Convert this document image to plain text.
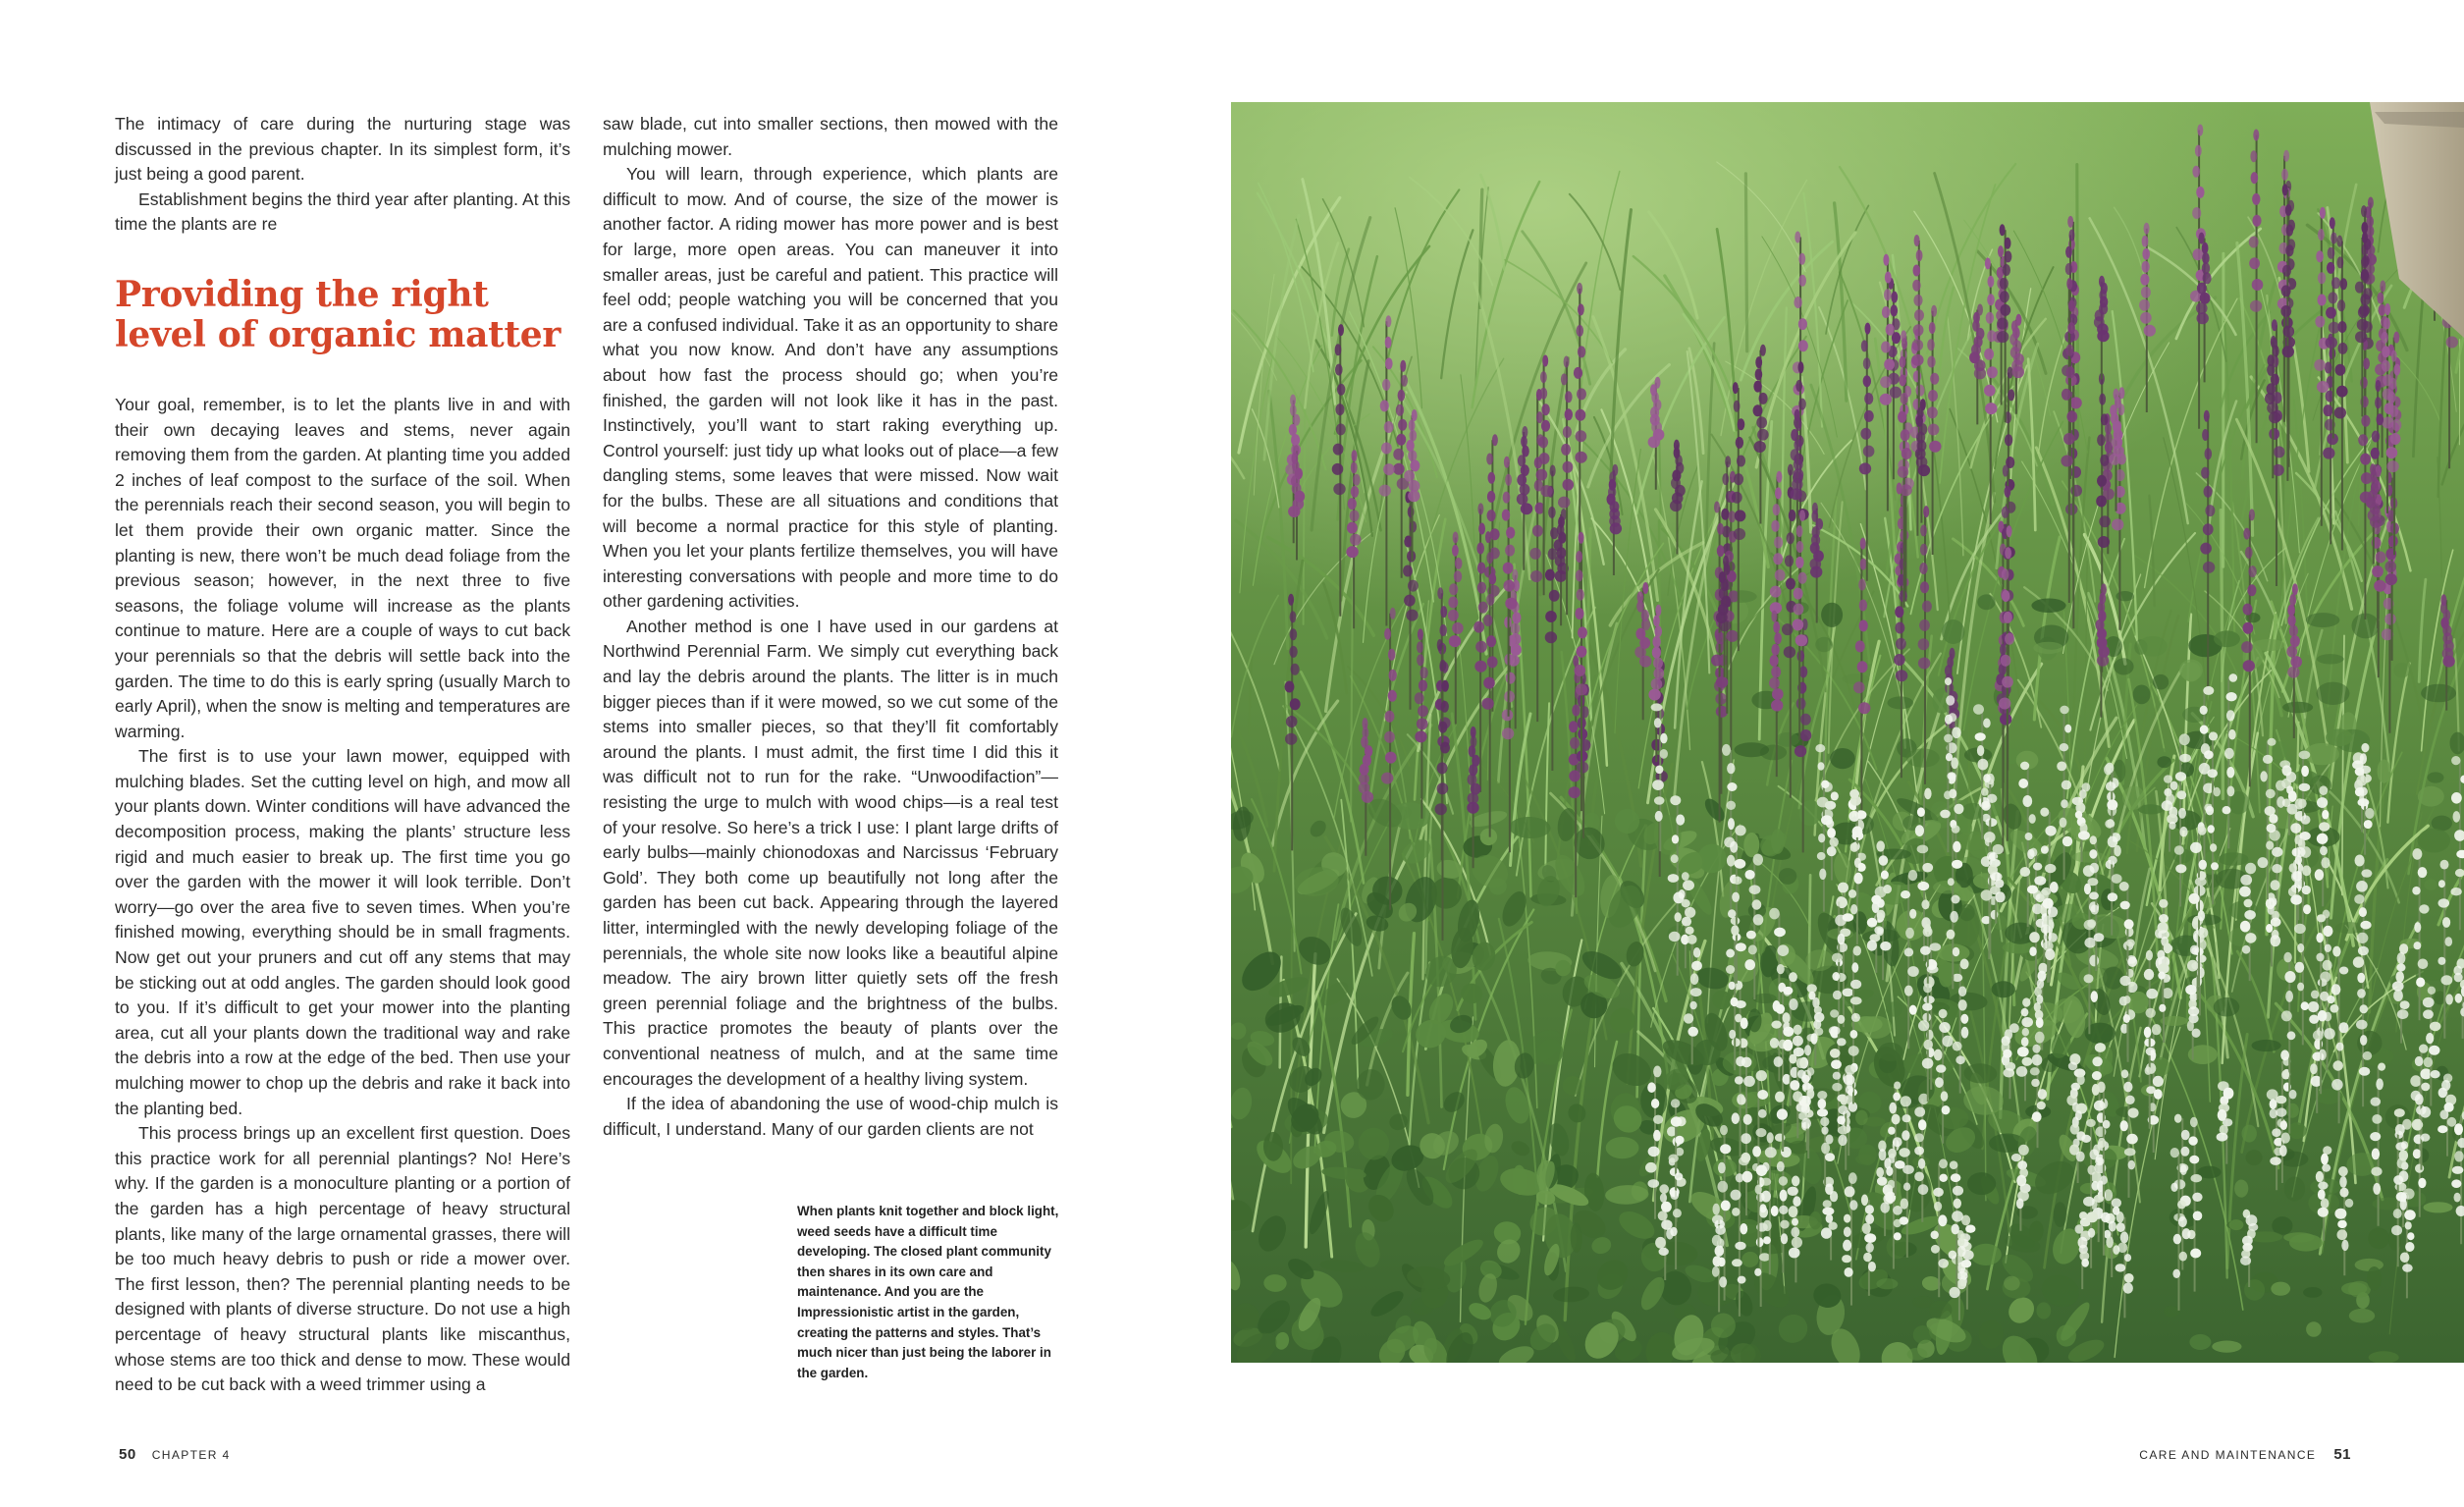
The intimacy of care during the nurturing stage was discussed in the previous chapter. In its simplest form, it’s just being a good parent.

Establishment begins the third year after planting. At this time the plants are re

Providing the right
level of organic matter

Your goal, remember, is to let the plants live in and with their own decaying leaves and stems, never again removing them from the garden. At planting time you added 2 inches of leaf compost to the surface of the soil. When the perennials reach their second season, you will begin to let them provide their own organic matter. Since the planting is new, there won’t be much dead foliage from the previous season; however, in the next three to five seasons, the foliage volume will increase as the plants continue to mature. Here are a couple of ways to cut back your perennials so that the debris will settle back into the garden. The time to do this is early spring (usually March to early April), when the snow is melting and temperatures are warming.

The first is to use your lawn mower, equipped with mulching blades. Set the cutting level on high, and mow all your plants down. Winter conditions will have advanced the decomposition process, making the plants’ structure less rigid and much easier to break up. The first time you go over the garden with the mower it will look terrible. Don’t worry—go over the area five to seven times. When you’re finished mowing, everything should be in small fragments. Now get out your pruners and cut off any stems that may be sticking out at odd angles. The garden should look good to you. If it’s difficult to get your mower into the planting area, cut all your plants down the traditional way and rake the debris into a row at the edge of the bed. Then use your mulching mower to chop up the debris and rake it back into the planting bed.

This process brings up an excellent first question. Does this practice work for all perennial plantings? No! Here’s why. If the garden is a monoculture planting or a portion of the garden has a high percentage of heavy structural plants, like many of the large ornamental grasses, there will be too much heavy debris to push or ride a mower over. The first lesson, then? The perennial planting needs to be designed with plants of diverse structure. Do not use a high percentage of heavy structural plants like miscanthus, whose stems are too thick and dense to mow. These would need to be cut back with a weed trimmer using a

saw blade, cut into smaller sections, then mowed with the mulching mower.

You will learn, through experience, which plants are difficult to mow. And of course, the size of the mower is another factor. A riding mower has more power and is best for large, more open areas. You can maneuver it into smaller areas, just be careful and patient. This practice will feel odd; people watching you will be concerned that you are a confused individual. Take it as an opportunity to share what you now know. And don’t have any assumptions about how fast the process should go; when you’re finished, the garden will not look like it has in the past. Instinctively, you’ll want to start raking everything up. Control yourself: just tidy up what looks out of place—a few dangling stems, some leaves that were missed. Now wait for the bulbs. These are all situations and conditions that will become a normal practice for this style of planting. When you let your plants fertilize themselves, you will have interesting conversations with people and more time to do other gardening activities.

Another method is one I have used in our gardens at Northwind Perennial Farm. We simply cut everything back and lay the debris around the plants. The litter is in much bigger pieces than if it were mowed, so we cut some of the stems into smaller pieces, so that they’ll fit comfortably around the plants. I must admit, the first time I did this it was difficult not to run for the rake. “Unwoodifaction”—resisting the urge to mulch with wood chips—is a real test of your resolve. So here’s a trick I use: I plant large drifts of early bulbs—mainly chionodoxas and Narcissus ‘February Gold’. They both come up beautifully not long after the garden has been cut back. Appearing through the layered litter, intermingled with the newly developing foliage of the perennials, the whole site now looks like a beautiful alpine meadow. The airy brown litter quietly sets off the fresh green perennial foliage and the brightness of the bulbs. This practice promotes the beauty of plants over the conventional neatness of mulch, and at the same time encourages the development of a healthy living system.

If the idea of abandoning the use of wood-chip mulch is difficult, I understand. Many of our garden clients are not

When plants knit together and block light, weed seeds have a difficult time developing. The closed plant community then shares in its own care and maintenance. And you are the Impressionistic artist in the garden, creating the patterns and styles. That’s much nicer than just being the laborer in the garden.
50 CHAPTER 4	CARE AND MAINTENANCE 51
